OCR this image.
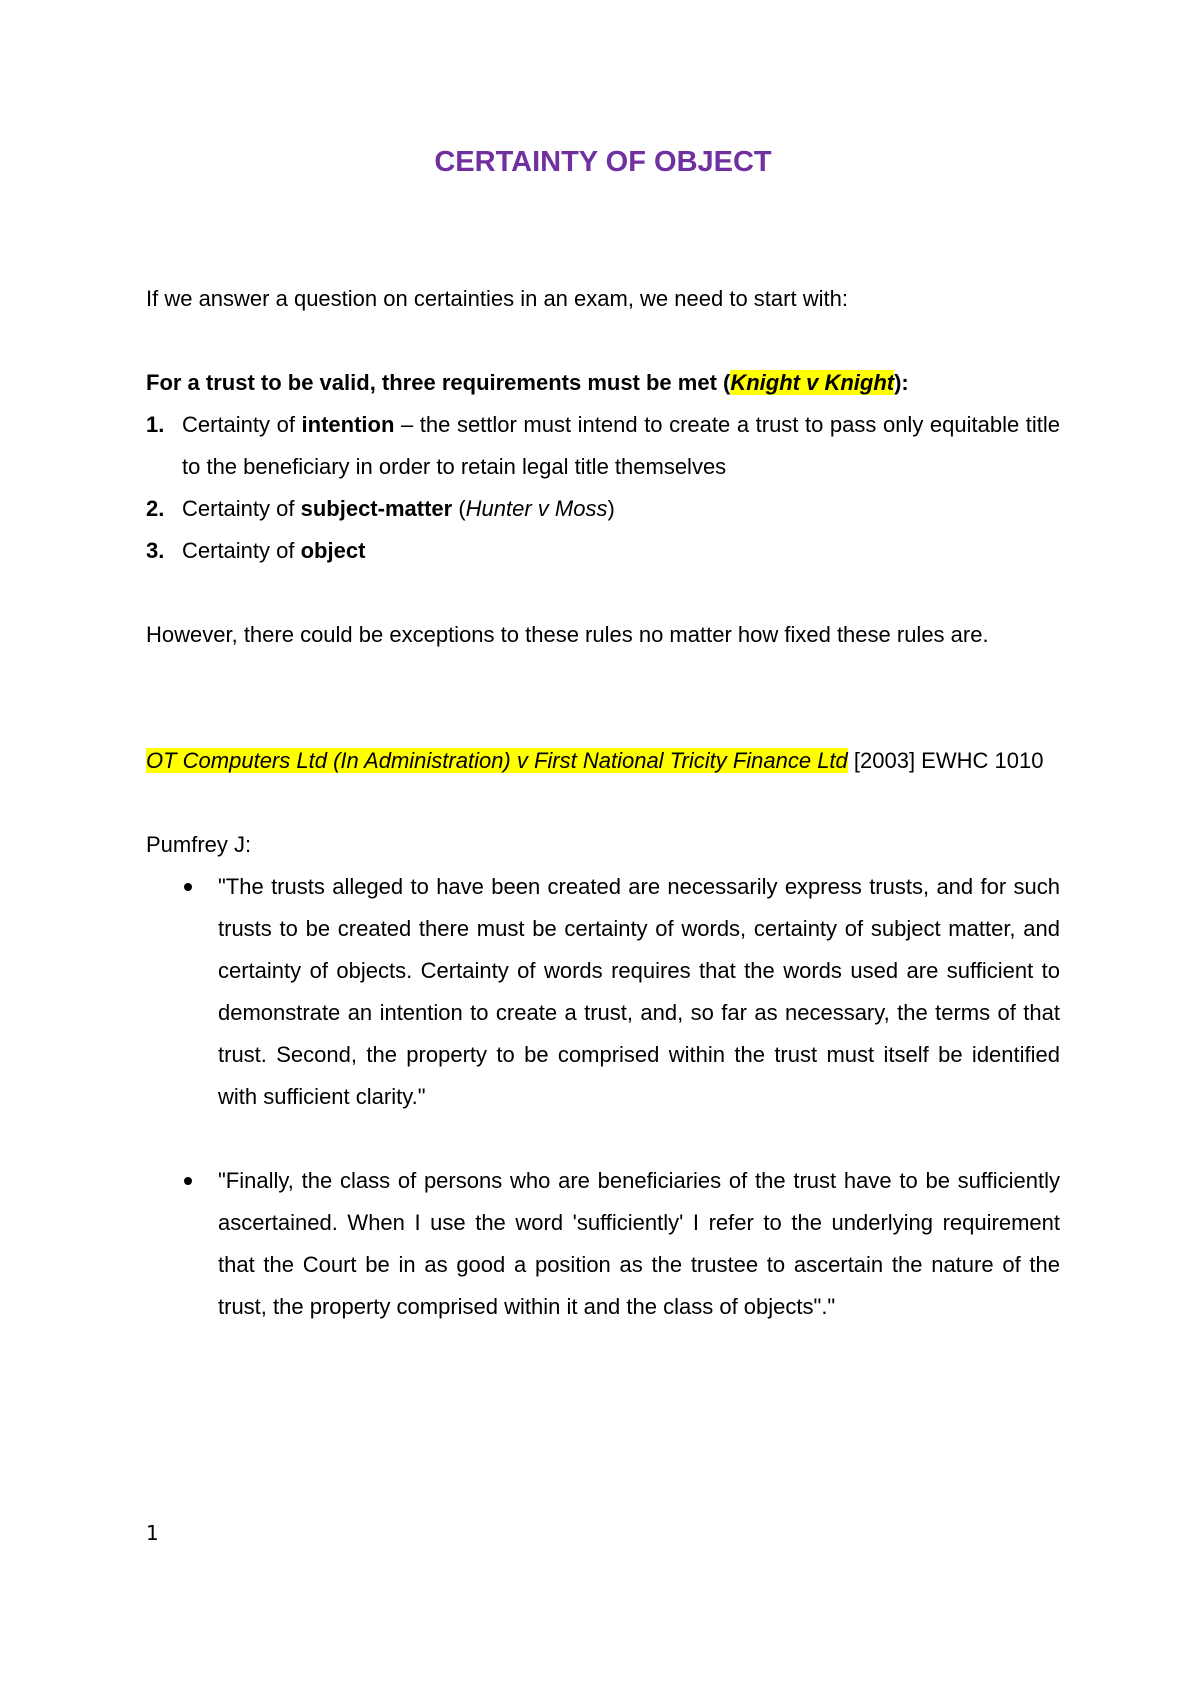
CERTAINTY OF OBJECT

If we answer a question on certainties in an exam, we need to start with:

For a trust to be valid, three requirements must be met (Knight v Knight):

1. Certainty of intention – the settlor must intend to create a trust to pass only equitable title to the beneficiary in order to retain legal title themselves
2. Certainty of subject-matter (Hunter v Moss)
3. Certainty of object

However, there could be exceptions to these rules no matter how fixed these rules are.

OT Computers Ltd (In Administration) v First National Tricity Finance Ltd [2003] EWHC 1010

Pumfrey J:

"The trusts alleged to have been created are necessarily express trusts, and for such trusts to be created there must be certainty of words, certainty of subject matter, and certainty of objects. Certainty of words requires that the words used are sufficient to demonstrate an intention to create a trust, and, so far as necessary, the terms of that trust. Second, the property to be comprised within the trust must itself be identified with sufficient clarity."
"Finally, the class of persons who are beneficiaries of the trust have to be sufficiently ascertained. When I use the word 'sufficiently' I refer to the underlying requirement that the Court be in as good a position as the trustee to ascertain the nature of the trust, the property comprised within it and the class of objects"."

1
